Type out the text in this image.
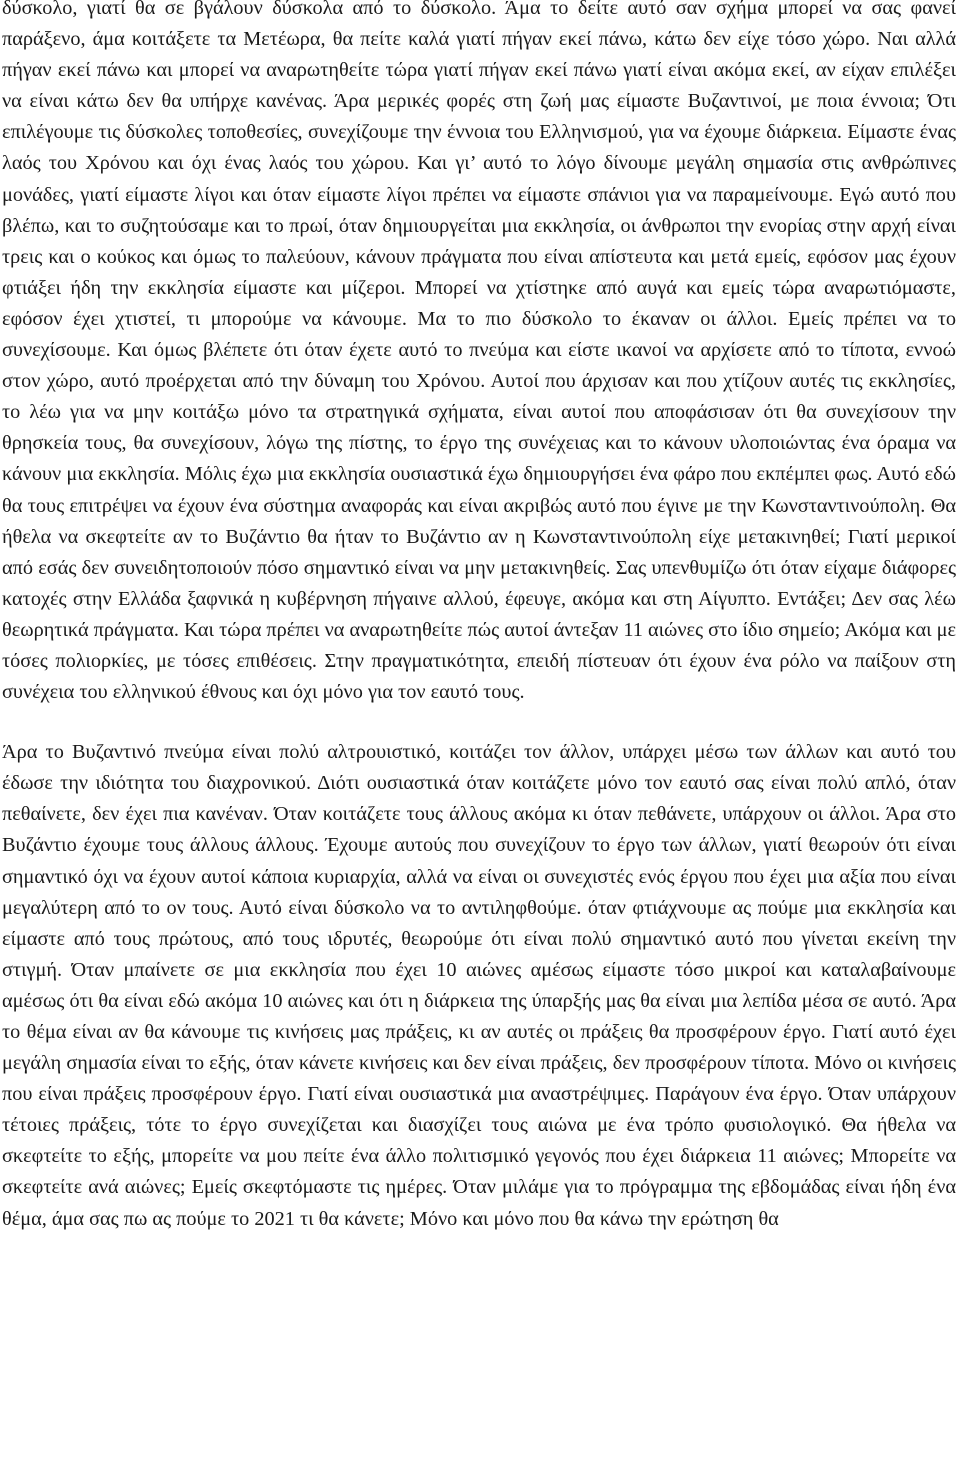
δύσκολο, γιατί θα σε βγάλουν δύσκολα από το δύσκολο. Άμα το δείτε αυτό σαν σχήμα μπορεί να σας φανεί παράξενο, άμα κοιτάξετε τα Μετέωρα, θα πείτε καλά γιατί πήγαν εκεί πάνω, κάτω δεν είχε τόσο χώρο. Ναι αλλά πήγαν εκεί πάνω και μπορεί να αναρωτηθείτε τώρα γιατί πήγαν εκεί πάνω γιατί είναι ακόμα εκεί, αν είχαν επιλέξει να είναι κάτω δεν θα υπήρχε κανένας. Άρα μερικές φορές στη ζωή μας είμαστε Βυζαντινοί, με ποια έννοια; Ότι επιλέγουμε τις δύσκολες τοποθεσίες, συνεχίζουμε την έννοια του Ελληνισμού, για να έχουμε διάρκεια. Είμαστε ένας λαός του Χρόνου και όχι ένας λαός του χώρου. Και γι’ αυτό το λόγο δίνουμε μεγάλη σημασία στις ανθρώπινες μονάδες, γιατί είμαστε λίγοι και όταν είμαστε λίγοι πρέπει να είμαστε σπάνιοι για να παραμείνουμε. Εγώ αυτό που βλέπω, και το συζητούσαμε και το πρωί, όταν δημιουργείται μια εκκλησία, οι άνθρωποι την ενορίας στην αρχή είναι τρεις και ο κούκος και όμως το παλεύουν, κάνουν πράγματα που είναι απίστευτα και μετά εμείς, εφόσον μας έχουν φτιάξει ήδη την εκκλησία είμαστε και μίζεροι. Μπορεί να χτίστηκε από αυγά και εμείς τώρα αναρωτιόμαστε, εφόσον έχει χτιστεί, τι μπορούμε να κάνουμε. Μα το πιο δύσκολο το έκαναν οι άλλοι. Εμείς πρέπει να το συνεχίσουμε. Και όμως βλέπετε ότι όταν έχετε αυτό το πνεύμα και είστε ικανοί να αρχίσετε από το τίποτα, εννοώ στον χώρο, αυτό προέρχεται από την δύναμη του Χρόνου. Αυτοί που άρχισαν και που χτίζουν αυτές τις εκκλησίες, το λέω για να μην κοιτάξω μόνο τα στρατηγικά σχήματα, είναι αυτοί που αποφάσισαν ότι θα συνεχίσουν την θρησκεία τους, θα συνεχίσουν, λόγω της πίστης, το έργο της συνέχειας και το κάνουν υλοποιώντας ένα όραμα να κάνουν μια εκκλησία. Μόλις έχω μια εκκλησία ουσιαστικά έχω δημιουργήσει ένα φάρο που εκπέμπει φως. Αυτό εδώ θα τους επιτρέψει να έχουν ένα σύστημα αναφοράς και είναι ακριβώς αυτό που έγινε με την Κωνσταντινούπολη. Θα ήθελα να σκεφτείτε αν το Βυζάντιο θα ήταν το Βυζάντιο αν η Κωνσταντινούπολη είχε μετακινηθεί; Γιατί μερικοί από εσάς δεν συνειδητοποιούν πόσο σημαντικό είναι να μην μετακινηθείς. Σας υπενθυμίζω ότι όταν είχαμε διάφορες κατοχές στην Ελλάδα ξαφνικά η κυβέρνηση πήγαινε αλλού, έφευγε, ακόμα και στη Αίγυπτο. Εντάξει; Δεν σας λέω θεωρητικά πράγματα. Και τώρα πρέπει να αναρωτηθείτε πώς αυτοί άντεξαν 11 αιώνες στο ίδιο σημείο; Ακόμα και με τόσες πολιορκίες, με τόσες επιθέσεις. Στην πραγματικότητα, επειδή πίστευαν ότι έχουν ένα ρόλο να παίξουν στη συνέχεια του ελληνικού έθνους και όχι μόνο για τον εαυτό τους.

Άρα το Βυζαντινό πνεύμα είναι πολύ αλτρουιστικό, κοιτάζει τον άλλον, υπάρχει μέσω των άλλων και αυτό του έδωσε την ιδιότητα του διαχρονικού. Διότι ουσιαστικά όταν κοιτάζετε μόνο τον εαυτό σας είναι πολύ απλό, όταν πεθαίνετε, δεν έχει πια κανέναν. Όταν κοιτάζετε τους άλλους ακόμα κι όταν πεθάνετε, υπάρχουν οι άλλοι. Άρα στο Βυζάντιο έχουμε τους άλλους άλλους. Έχουμε αυτούς που συνεχίζουν το έργο των άλλων, γιατί θεωρούν ότι είναι σημαντικό όχι να έχουν αυτοί κάποια κυριαρχία, αλλά να είναι οι συνεχιστές ενός έργου που έχει μια αξία που είναι μεγαλύτερη από το ον τους. Αυτό είναι δύσκολο να το αντιληφθούμε. όταν φτιάχνουμε ας πούμε μια εκκλησία και είμαστε από τους πρώτους, από τους ιδρυτές, θεωρούμε ότι είναι πολύ σημαντικό αυτό που γίνεται εκείνη την στιγμή. Όταν μπαίνετε σε μια εκκλησία που έχει 10 αιώνες αμέσως είμαστε τόσο μικροί και καταλαβαίνουμε αμέσως ότι θα είναι εδώ ακόμα 10 αιώνες και ότι η διάρκεια της ύπαρξής μας θα είναι μια λεπίδα μέσα σε αυτό. Άρα το θέμα είναι αν θα κάνουμε τις κινήσεις μας πράξεις, κι αν αυτές οι πράξεις θα προσφέρουν έργο. Γιατί αυτό έχει μεγάλη σημασία είναι το εξής, όταν κάνετε κινήσεις και δεν είναι πράξεις, δεν προσφέρουν τίποτα. Μόνο οι κινήσεις που είναι πράξεις προσφέρουν έργο. Γιατί είναι ουσιαστικά μια αναστρέψιμες. Παράγουν ένα έργο. Όταν υπάρχουν τέτοιες πράξεις, τότε το έργο συνεχίζεται και διασχίζει τους αιώνα με ένα τρόπο φυσιολογικό. Θα ήθελα να σκεφτείτε το εξής, μπορείτε να μου πείτε ένα άλλο πολιτισμικό γεγονός που έχει διάρκεια 11 αιώνες; Μπορείτε να σκεφτείτε ανά αιώνες; Εμείς σκεφτόμαστε τις ημέρες. Όταν μιλάμε για το πρόγραμμα της εβδομάδας είναι ήδη ένα θέμα, άμα σας πω ας πούμε το 2021 τι θα κάνετε; Μόνο και μόνο που θα κάνω την ερώτηση θα
